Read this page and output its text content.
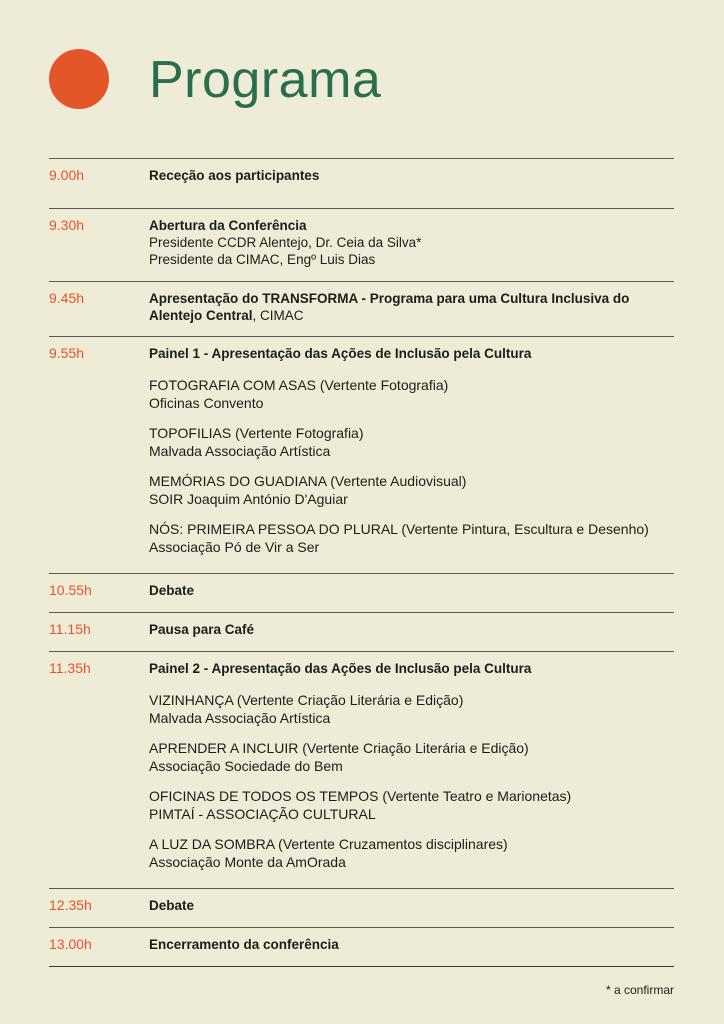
Programa
9.00h	Receção aos participantes
9.30h	Abertura da Conferência
Presidente CCDR Alentejo, Dr. Ceia da Silva*
Presidente da CIMAC, Engº Luis Dias
9.45h	Apresentação do TRANSFORMA - Programa para uma Cultura Inclusiva do Alentejo Central, CIMAC
9.55h	Painel 1 - Apresentação das Ações de Inclusão pela Cultura
FOTOGRAFIA COM ASAS (Vertente Fotografia)
Oficinas Convento
TOPOFILIAS (Vertente Fotografia)
Malvada Associação Artística
MEMÓRIAS DO GUADIANA (Vertente Audiovisual)
SOIR Joaquim António D'Aguiar
NÓS: PRIMEIRA PESSOA DO PLURAL (Vertente Pintura, Escultura e Desenho)
Associação Pó de Vir a Ser
10.55h	Debate
11.15h	Pausa para Café
11.35h	Painel 2 - Apresentação das Ações de Inclusão pela Cultura
VIZINHANÇA (Vertente Criação Literária e Edição)
Malvada Associação Artística
APRENDER A INCLUIR (Vertente Criação Literária e Edição)
Associação Sociedade do Bem
OFICINAS DE TODOS OS TEMPOS (Vertente Teatro e Marionetas)
PIMTAÍ - ASSOCIAÇÃO CULTURAL
A LUZ DA SOMBRA (Vertente Cruzamentos disciplinares)
Associação Monte da AmOrada
12.35h	Debate
13.00h	Encerramento da conferência
* a confirmar
